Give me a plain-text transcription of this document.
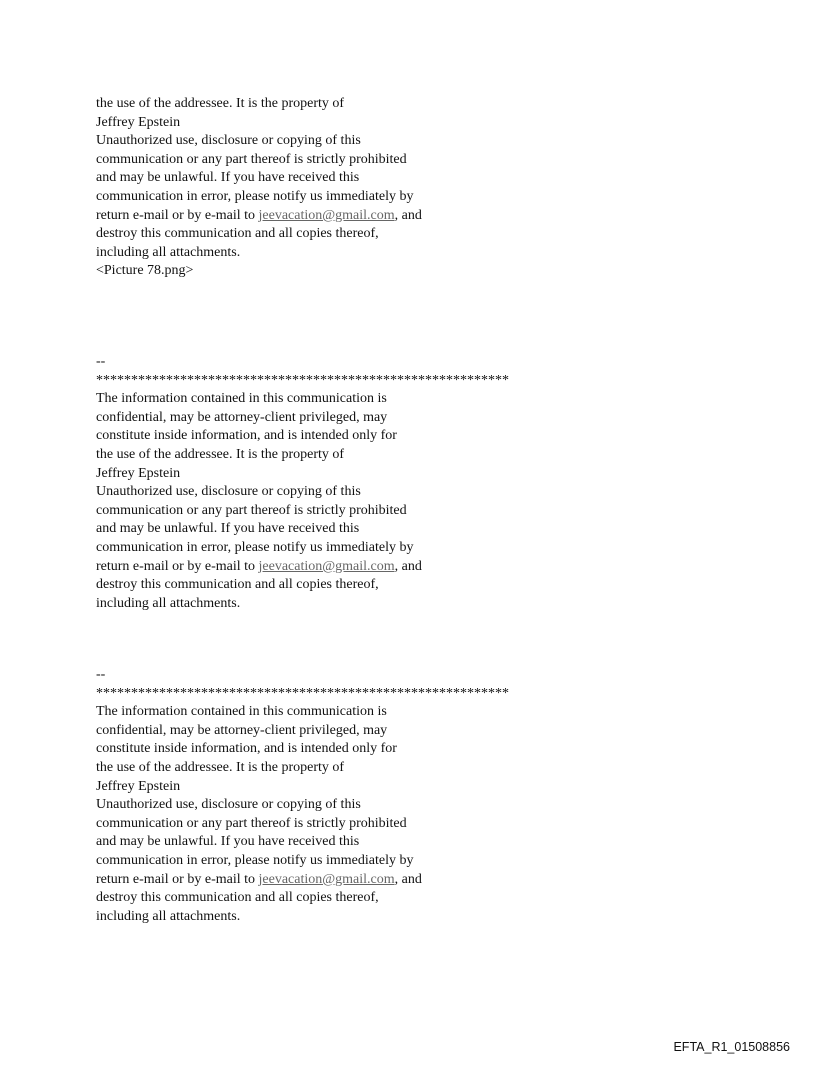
the use of the addressee. It is the property of
Jeffrey Epstein
Unauthorized use, disclosure or copying of this
communication or any part thereof is strictly prohibited
and may be unlawful. If you have received this
communication in error, please notify us immediately by
return e-mail or by e-mail to jeevacation@gmail.com, and
destroy this communication and all copies thereof,
including all attachments.
<Picture 78.png>
--
***********************************************************
The information contained in this communication is
confidential, may be attorney-client privileged, may
constitute inside information, and is intended only for
the use of the addressee. It is the property of
Jeffrey Epstein
Unauthorized use, disclosure or copying of this
communication or any part thereof is strictly prohibited
and may be unlawful. If you have received this
communication in error, please notify us immediately by
return e-mail or by e-mail to jeevacation@gmail.com, and
destroy this communication and all copies thereof,
including all attachments.
--
***********************************************************
The information contained in this communication is
confidential, may be attorney-client privileged, may
constitute inside information, and is intended only for
the use of the addressee. It is the property of
Jeffrey Epstein
Unauthorized use, disclosure or copying of this
communication or any part thereof is strictly prohibited
and may be unlawful. If you have received this
communication in error, please notify us immediately by
return e-mail or by e-mail to jeevacation@gmail.com, and
destroy this communication and all copies thereof,
including all attachments.
EFTA_R1_01508856
